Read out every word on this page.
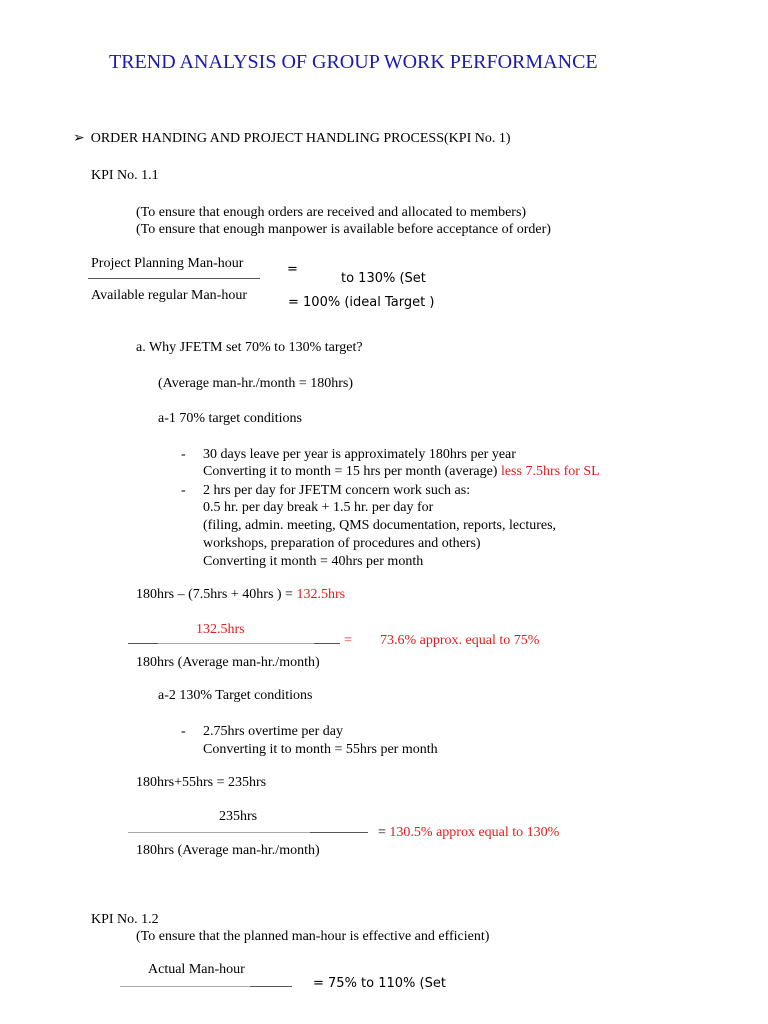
TREND ANALYSIS OF GROUP WORK PERFORMANCE
➢ ORDER HANDING AND PROJECT HANDLING PROCESS(KPI No. 1)
KPI No. 1.1
(To ensure that enough orders are received and allocated to members)
(To ensure that enough manpower is available before acceptance of order)
Project Planning Man-hour
Available regular Man-hour
=
to 130% (Set
= 100% (ideal Target )
a. Why JFETM set 70% to 130% target?
(Average man-hr./month = 180hrs)
a-1 70% target conditions
- 30 days leave per year is approximately 180hrs per year
Converting it to month = 15 hrs per month (average) less 7.5hrs for SL
- 2 hrs per day for JFETM concern work such as:
0.5 hr. per day break + 1.5 hr. per day for
(filing, admin. meeting, QMS documentation, reports, lectures,
workshops, preparation of procedures and others)
Converting it month = 40hrs per month
180hrs – (7.5hrs + 40hrs ) = 132.5hrs
132.5hrs
= 73.6% approx. equal to 75%
180hrs (Average man-hr./month)
a-2 130% Target conditions
- 2.75hrs overtime per day
Converting it to month = 55hrs per month
180hrs+55hrs = 235hrs
235hrs
= 130.5% approx equal to 130%
180hrs (Average man-hr./month)
KPI No. 1.2
(To ensure that the planned man-hour is effective and efficient)
Actual Man-hour
= 75% to 110% (Set
